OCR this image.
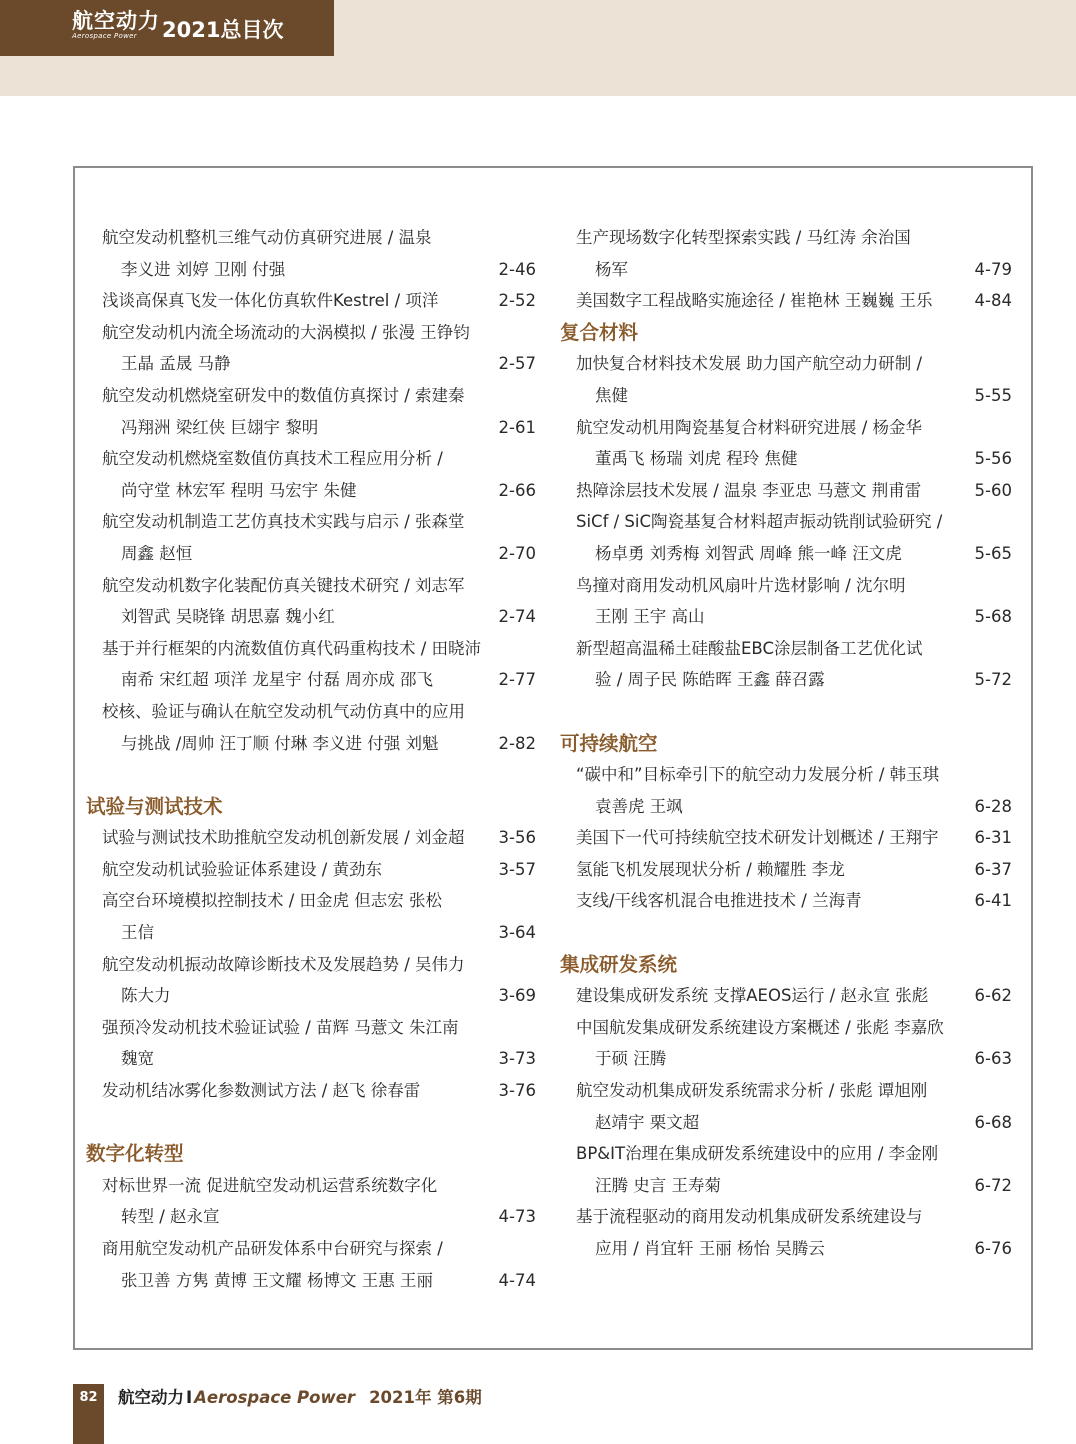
航空动力
Aerospace Power	2021总目次
航空发动机整机三维气动仿真研究进展 / 温泉
李义进 刘婷 卫刚 付强	2-46
浅谈高保真飞发一体化仿真软件Kestrel / 项洋	2-52
航空发动机内流全场流动的大涡模拟 / 张漫 王铮钧
王晶 孟晟 马静	2-57
航空发动机燃烧室研发中的数值仿真探讨 / 索建秦
冯翔洲 梁红侠 巨翃宇 黎明	2-61
航空发动机燃烧室数值仿真技术工程应用分析 /
尚守堂 林宏军 程明 马宏宇 朱健	2-66
航空发动机制造工艺仿真技术实践与启示 / 张森堂
周鑫 赵恒	2-70
航空发动机数字化装配仿真关键技术研究 / 刘志军
刘智武 吴晓锋 胡思嘉 魏小红	2-74
基于并行框架的内流数值仿真代码重构技术 / 田晓沛
南希 宋红超 项洋 龙星宇 付磊 周亦成 邵飞	2-77
校核、验证与确认在航空发动机气动仿真中的应用
与挑战 /周帅 汪丁顺 付琳 李义进 付强 刘魁	2-82
试验与测试技术
试验与测试技术助推航空发动机创新发展 / 刘金超 3-56
航空发动机试验验证体系建设 / 黄劲东	3-57
高空台环境模拟控制技术 / 田金虎 但志宏 张松
王信	3-64
航空发动机振动故障诊断技术及发展趋势 / 吴伟力
陈大力	3-69
强预冷发动机技术验证试验 / 苗辉 马薏文 朱江南
魏宽	3-73
发动机结冰雾化参数测试方法 / 赵飞 徐春雷	3-76
数字化转型
对标世界一流 促进航空发动机运营系统数字化
转型 / 赵永宣	4-73
商用航空发动机产品研发体系中台研究与探索 /
张卫善 方隽 黄博 王文耀 杨博文 王惠 王丽	4-74
生产现场数字化转型探索实践 / 马红涛 余治国
杨军	4-79
美国数字工程战略实施途径 / 崔艳林 王巍巍 王乐	4-84
复合材料
加快复合材料技术发展 助力国产航空动力研制 /
焦健	5-55
航空发动机用陶瓷基复合材料研究进展 / 杨金华
董禹飞 杨瑞 刘虎 程玲 焦健	5-56
热障涂层技术发展 / 温泉 李亚忠 马薏文 荆甫雷	5-60
SiCf / SiC陶瓷基复合材料超声振动铣削试验研究 /
杨卓勇 刘秀梅 刘智武 周峰 熊一峰 汪文虎	5-65
鸟撞对商用发动机风扇叶片选材影响 / 沈尔明
王刚 王宇 高山	5-68
新型超高温稀土硅酸盐EBC涂层制备工艺优化试
验 / 周子民 陈皓晖 王鑫 薛召露	5-72
可持续航空
“碳中和”目标牵引下的航空动力发展分析 / 韩玉琪
袁善虎 王飒	6-28
美国下一代可持续航空技术研发计划概述 / 王翔宇 6-31
氢能飞机发展现状分析 / 赖耀胜 李龙	6-37
支线/干线客机混合电推进技术 / 兰海青	6-41
集成研发系统
建设集成研发系统 支撑AEOS运行 / 赵永宣 张彪	6-62
中国航发集成研发系统建设方案概述 / 张彪 李嘉欣
于硕 汪腾	6-63
航空发动机集成研发系统需求分析 / 张彪 谭旭刚
赵靖宇 栗文超	6-68
BP&IT治理在集成研发系统建设中的应用 / 李金刚
汪腾 史言 王寿菊	6-72
基于流程驱动的商用发动机集成研发系统建设与
应用 / 肖宜轩 王丽 杨怡 吴腾云	6-76
82	航空动力 I Aerospace Power 2021年 第6期
